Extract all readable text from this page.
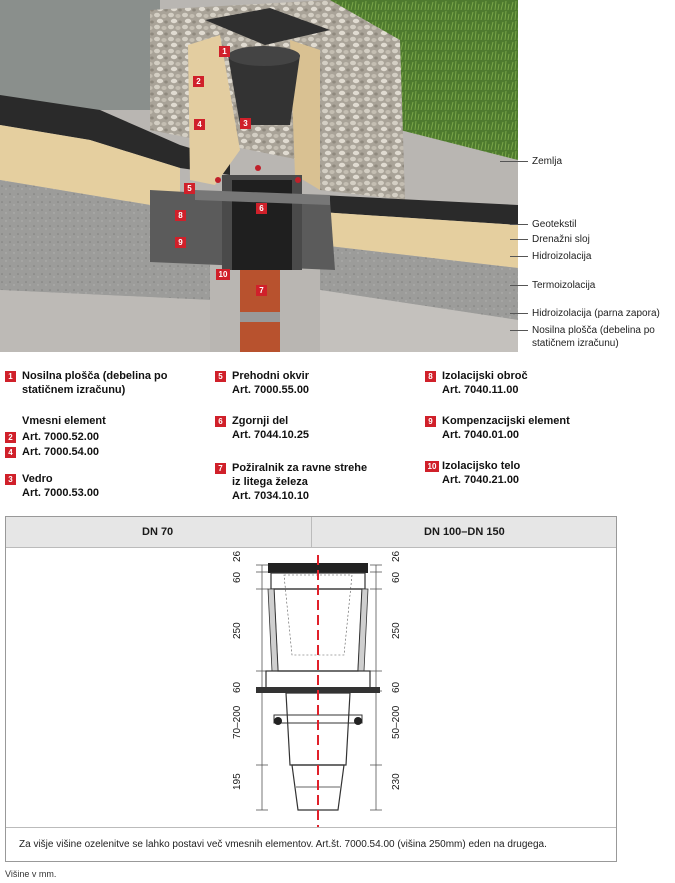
1
2
3
4
5
6
7
8
9
10
Zemlja
Geotekstil
Drenažni sloj
Hidroizolacija
Termoizolacija
Hidroizolacija (parna zapora)
Nosilna plošča (debelina po
statičnem izračunu)
1 Nosilna plošča (debelina po
statičnem izračunu)
Vmesni element
2 Art. 7000.52.00
4 Art. 7000.54.00
3 Vedro
Art. 7000.53.00
5 Prehodni okvir
Art. 7000.55.00
6 Zgornji del
Art. 7044.10.25
7 Požiralnik za ravne strehe
iz litega železa
Art. 7034.10.10
8 Izolacijski obroč
Art. 7040.11.00
9 Kompenzacijski element
Art. 7040.01.00
10 Izolacijsko telo
Art. 7040.21.00
DN 70	DN 100–DN 150
26
60
250
60
70–200
195
26
60
250
60
50–200
230
Za višje višine ozelenitve se lahko postavi več vmesnih elementov. Art.št. 7000.54.00 (višina 250mm) eden na drugega.
Višine v mm.
